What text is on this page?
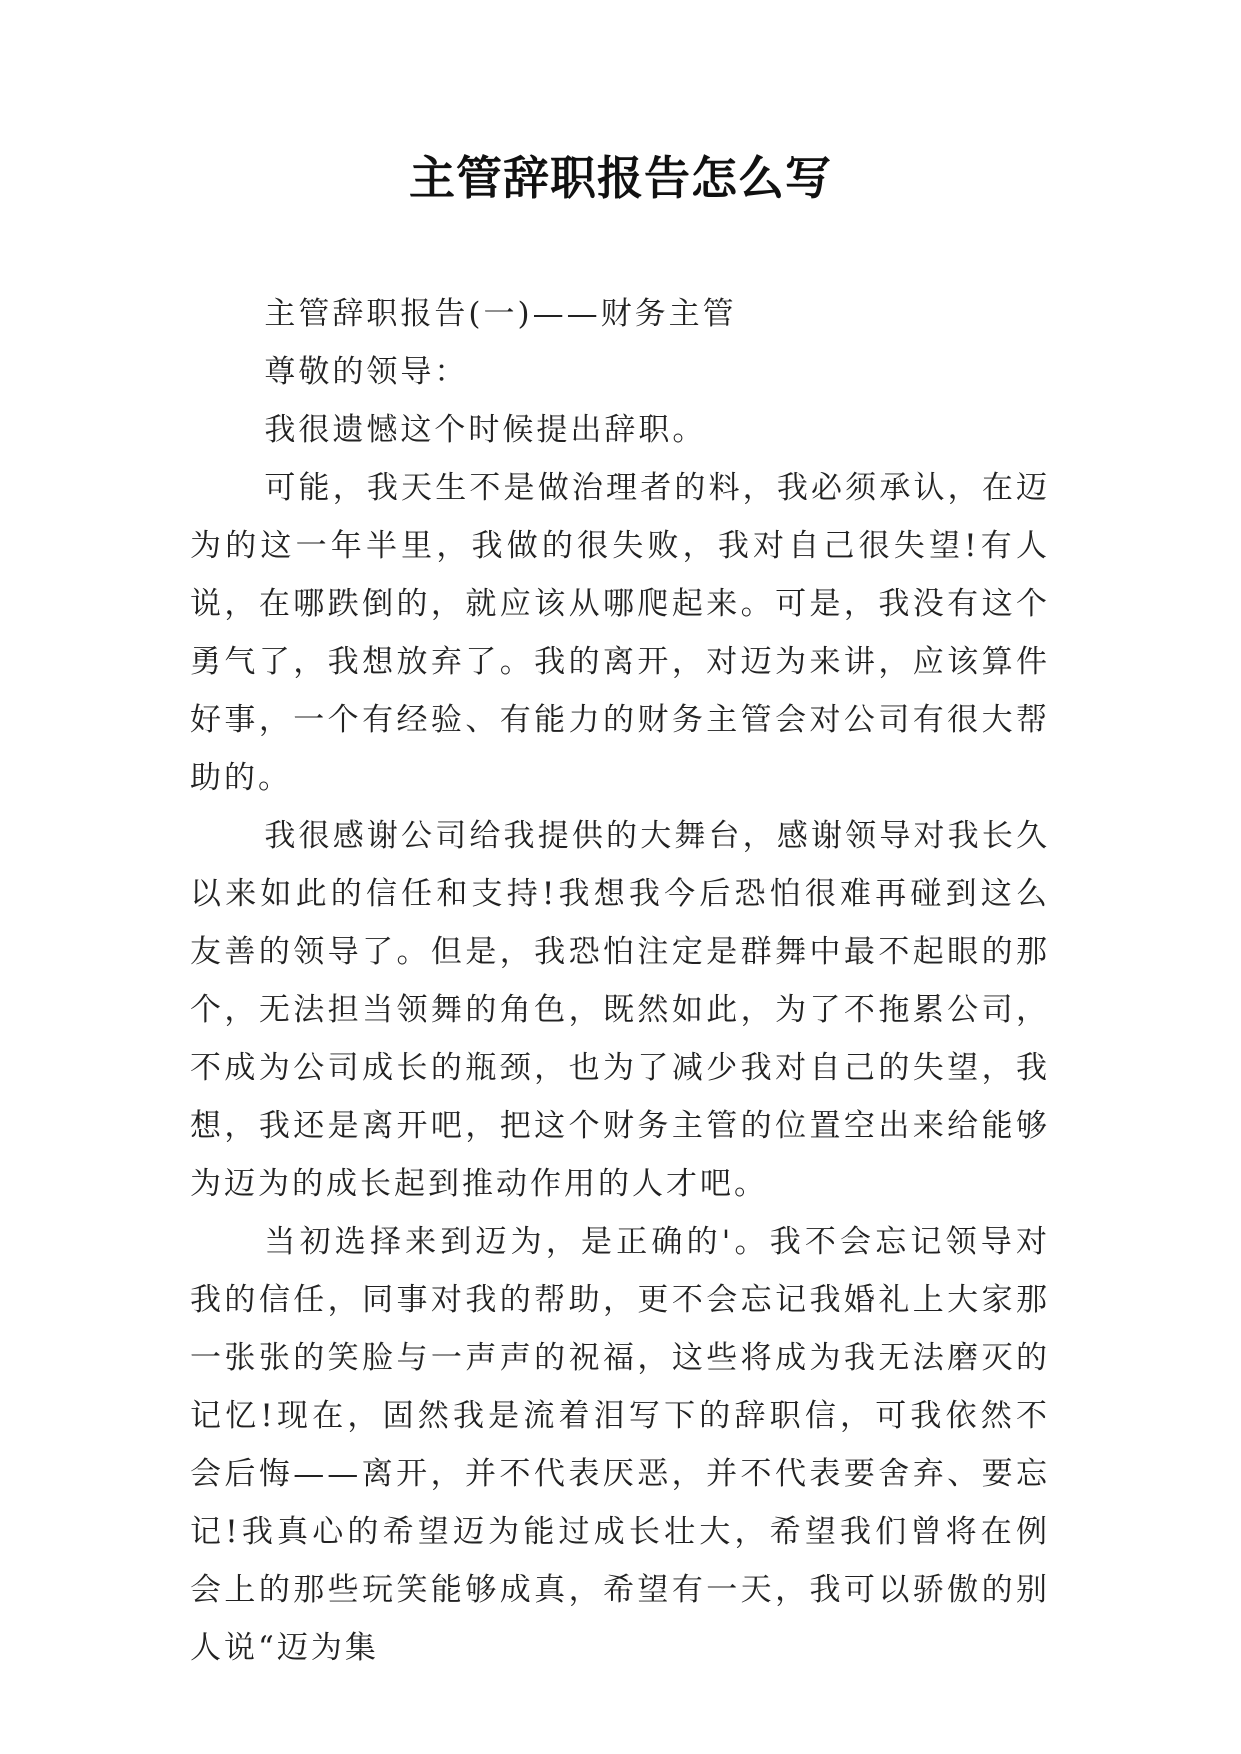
主管辞职报告怎么写

主管辞职报告(一)——财务主管

尊敬的领导：

我很遗憾这个时候提出辞职。

可能，我天生不是做治理者的料，我必须承认，在迈为的这一年半里，我做的很失败，我对自己很失望!有人说，在哪跌倒的，就应该从哪爬起来。可是，我没有这个勇气了，我想放弃了。我的离开，对迈为来讲，应该算件好事，一个有经验、有能力的财务主管会对公司有很大帮助的。

我很感谢公司给我提供的大舞台，感谢领导对我长久以来如此的信任和支持!我想我今后恐怕很难再碰到这么友善的领导了。但是，我恐怕注定是群舞中最不起眼的那个，无法担当领舞的角色，既然如此，为了不拖累公司，不成为公司成长的瓶颈，也为了减少我对自己的失望，我想，我还是离开吧，把这个财务主管的位置空出来给能够为迈为的成长起到推动作用的人才吧。

当初选择来到迈为，是正确的'。我不会忘记领导对我的信任，同事对我的帮助，更不会忘记我婚礼上大家那一张张的笑脸与一声声的祝福，这些将成为我无法磨灭的记忆!现在，固然我是流着泪写下的辞职信，可我依然不会后悔——离开，并不代表厌恶，并不代表要舍弃、要忘记!我真心的希望迈为能过成长壮大，希望我们曾将在例会上的那些玩笑能够成真，希望有一天，我可以骄傲的别人说“迈为集
